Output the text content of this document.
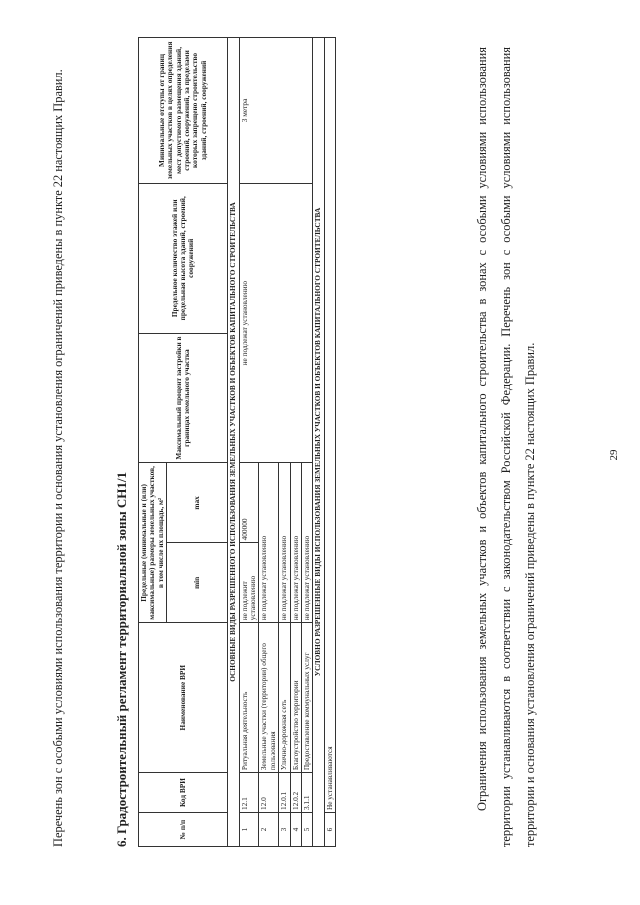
29
Перечень зон с особыми условиями использования территории и основания установления ограничений приведены в пункте 22 настоящих Правил.	6. Градостроительный регламент территориальной зоны СН1/1	№ п/п	Код ВРИ	Наименование ВРИ	Предельные (минимальные и (или) максимальные) размеры земельных участков, в том числе их площадь, м²		Максимальный процент застройки в границах земельного участка	Предельное количество этажей или предельная высота зданий, строений, сооружений	Минимальные отступы от границ земельных участков в целях определения мест допустимого размещения зданий, строений, сооружений, за пределами которых запрещено строительство зданий, строений, сооружений
			min	max			
ОСНОВНЫЕ ВИДЫ РАЗРЕШЕННОГО ИСПОЛЬЗОВАНИЯ ЗЕМЕЛЬНЫХ УЧАСТКОВ И ОБЪЕКТОВ КАПИТАЛЬНОГО СТРОИТЕЛЬСТВА							
1	12.1	Ритуальная деятельность	не подлежит установлению	400000	не подлежат установлению		3 метра
2	12.0	Земельные участки (территории) общего пользования	не подлежат установлению				
3	12.0.1	Улично-дорожная сеть	не подлежат установлению				
4	12.0.2	Благоустройство территории	не подлежат установлению				
5	3.1.1	Предоставление коммунальных услуг	не подлежат установлению				
УСЛОВНО РАЗРЕШЕННЫЕ ВИДЫ ИСПОЛЬЗОВАНИЯ ЗЕМЕЛЬНЫХ УЧАСТКОВ И ОБЪЕКТОВ КАПИТАЛЬНОГО СТРОИТЕЛЬСТВА							
6	Не устанавливаются							Ограничения использования земельных участков и объектов капитального строительства в зонах с особыми условиями использования территории устанавливаются в соответствии с законодательством Российской Федерации. Перечень зон с особыми условиями использования территории и основания установления ограничений приведены в пункте 22 настоящих Правил.
